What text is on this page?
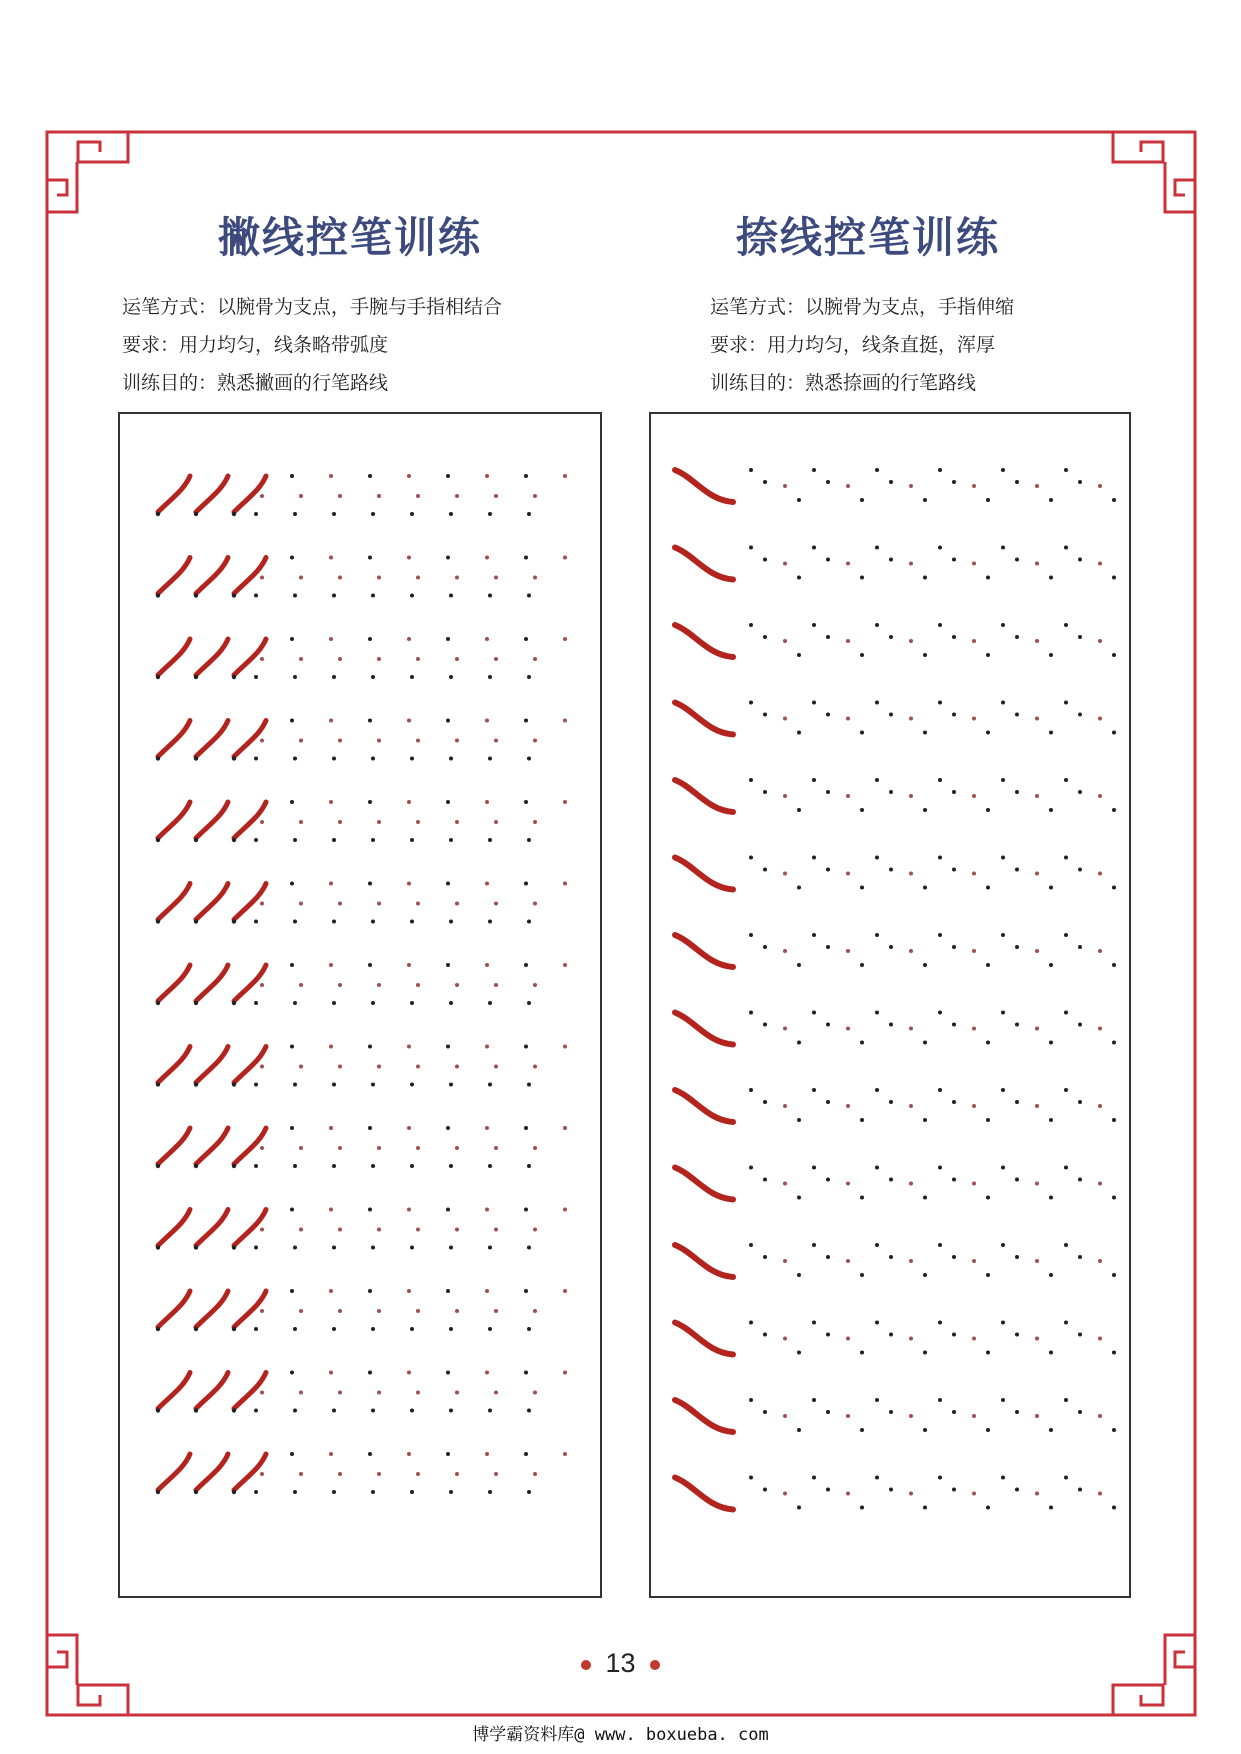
撇线控笔训练	捺线控笔训练

运笔方式：以腕骨为支点，手腕与手指相结合

要求：用力均匀，线条略带弧度

训练目的：熟悉撇画的行笔路线

运笔方式：以腕骨为支点，手指伸缩

要求：用力均匀，线条直挺，浑厚

训练目的：熟悉捺画的行笔路线

13
博学霸资料库@ www. boxueba. com
